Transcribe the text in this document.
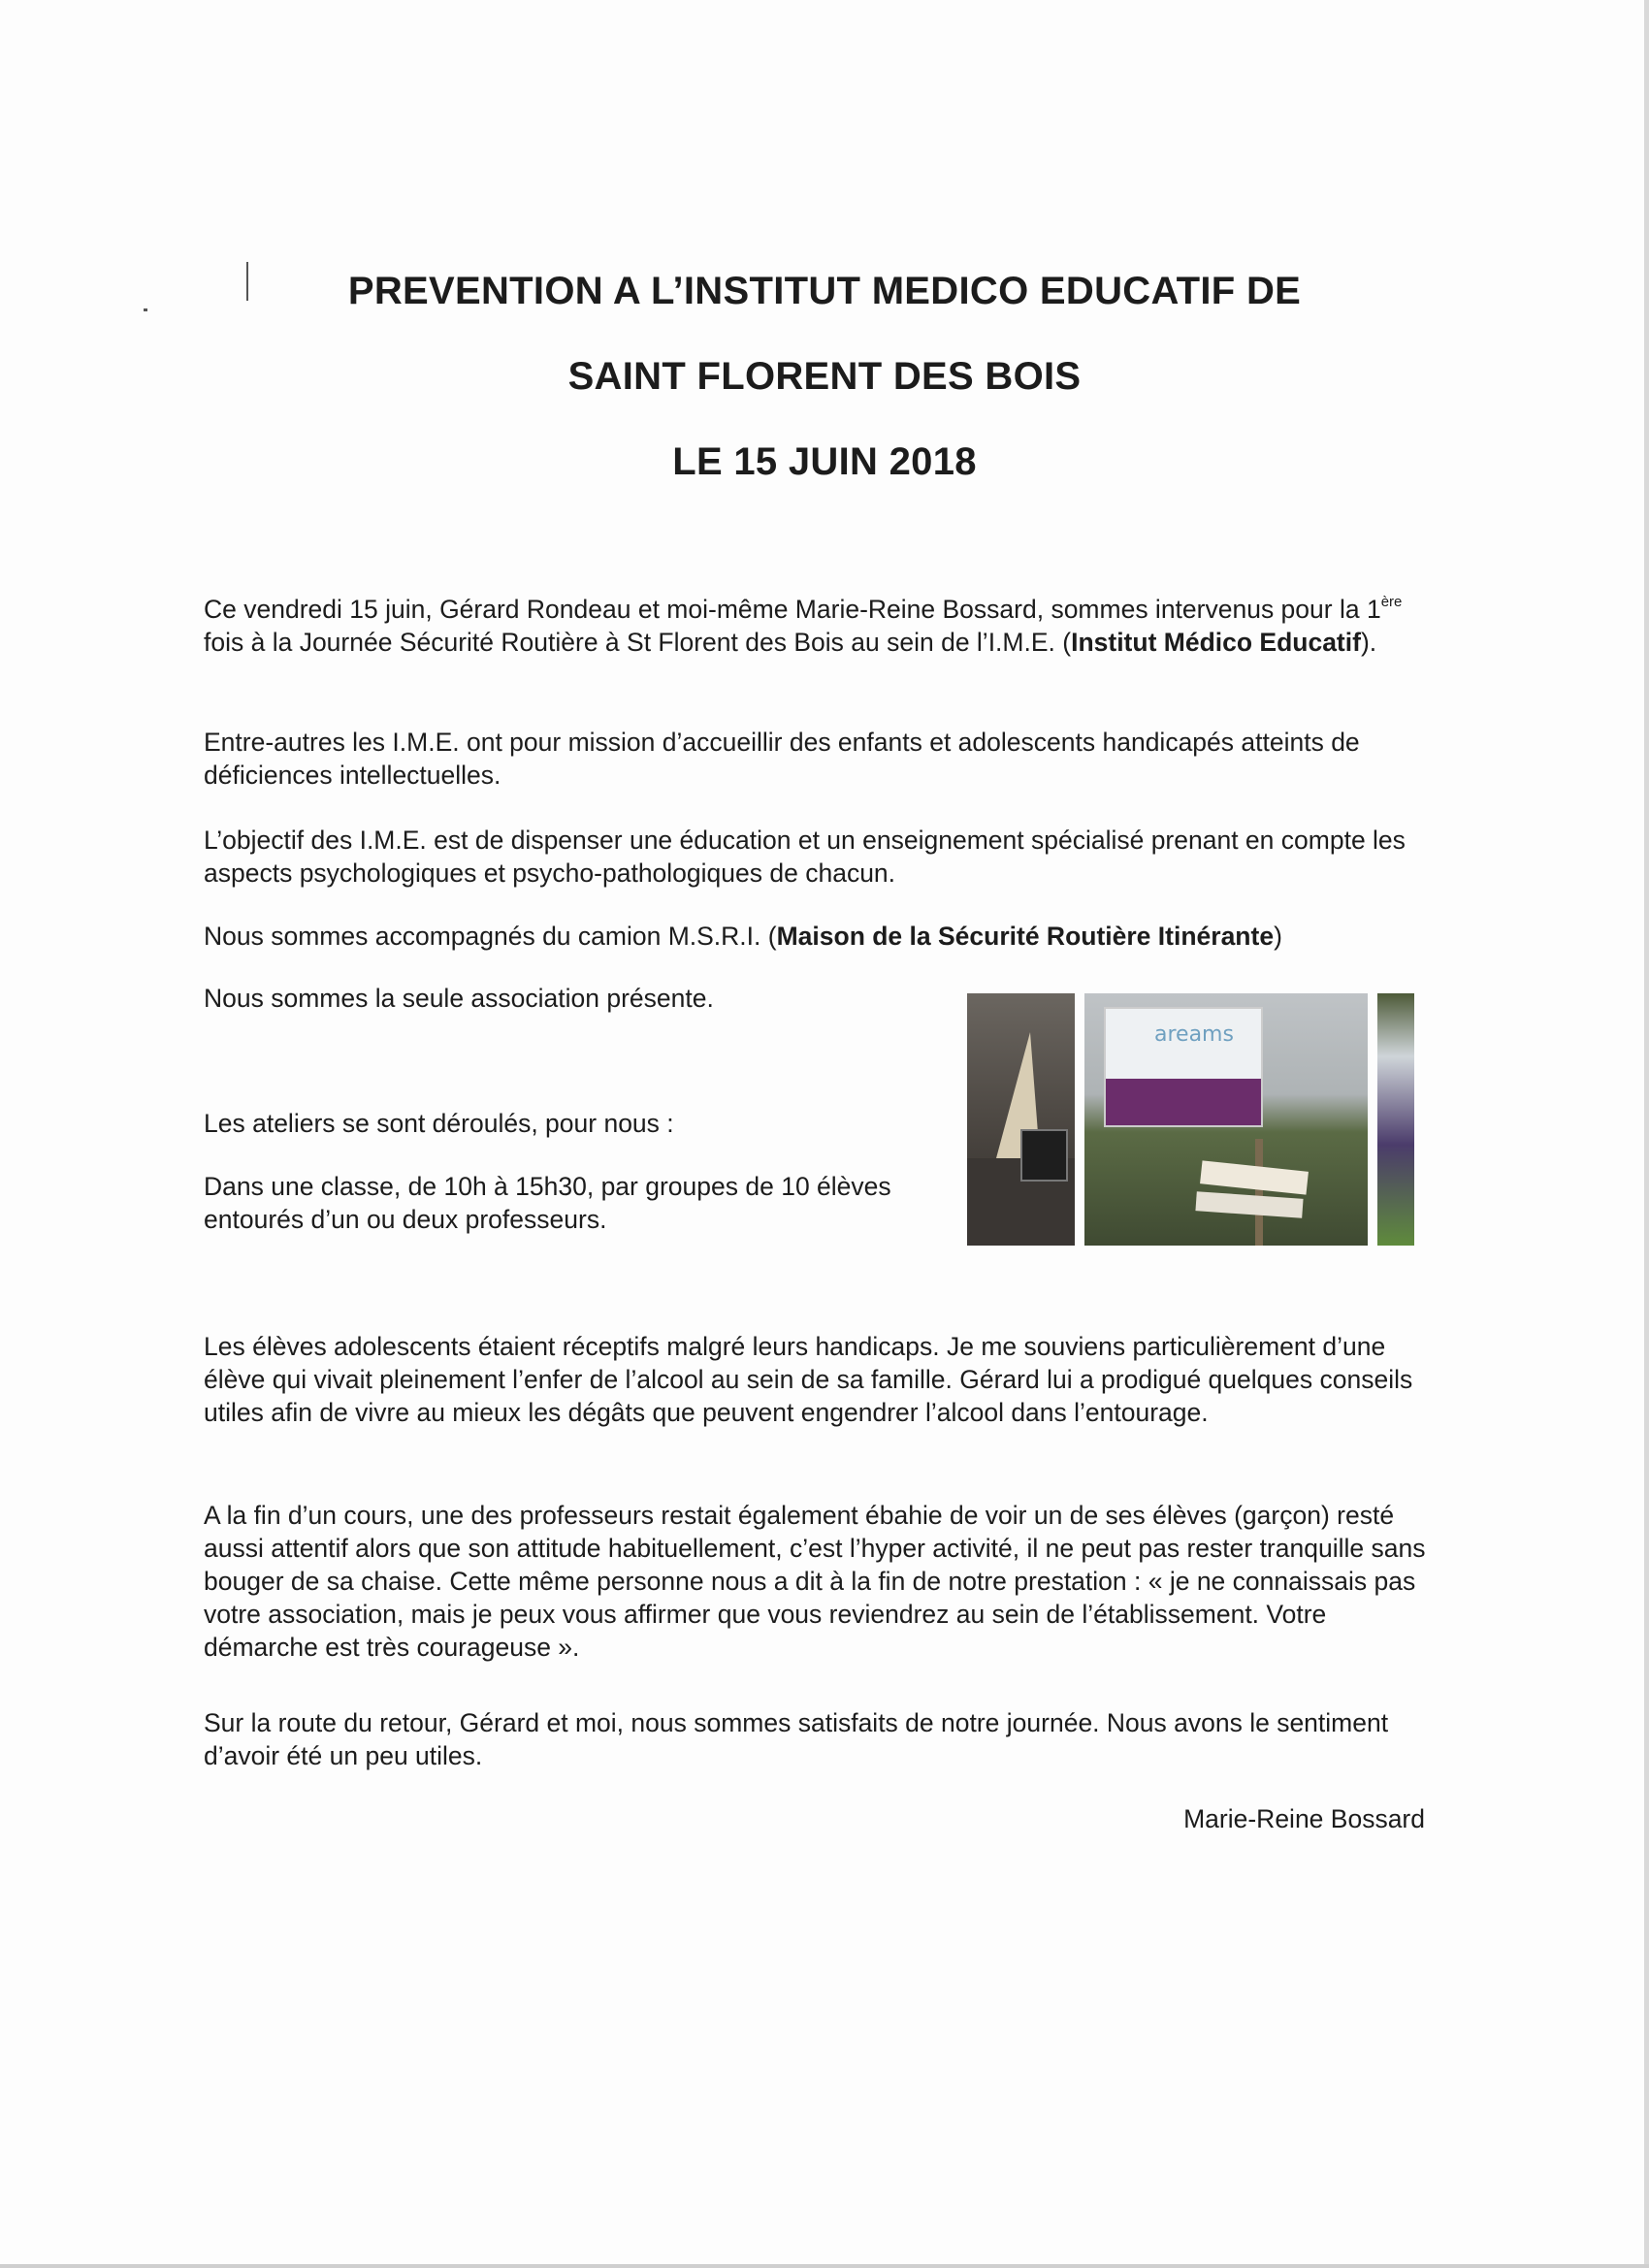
PREVENTION A L’INSTITUT MEDICO EDUCATIF DE
SAINT FLORENT DES BOIS
LE 15 JUIN 2018

Ce vendredi 15 juin, Gérard Rondeau et moi-même Marie-Reine Bossard, sommes intervenus pour la 1ère fois à la Journée Sécurité Routière à St Florent des Bois au sein de l’I.M.E. (Institut Médico Educatif).

Entre-autres les I.M.E. ont pour mission d’accueillir des enfants et adolescents handicapés atteints de déficiences intellectuelles.

L’objectif des I.M.E. est de dispenser une éducation et un enseignement spécialisé prenant en compte les aspects psychologiques et psycho-pathologiques de chacun.

Nous sommes accompagnés du camion M.S.R.I. (Maison de la Sécurité Routière Itinérante)

Nous sommes la seule association présente.

Les ateliers se sont déroulés, pour nous :

Dans une classe, de 10h à 15h30, par groupes de 10 élèves entourés d’un ou deux professeurs.

areams

Les élèves adolescents étaient réceptifs malgré leurs handicaps. Je me souviens particulièrement d’une élève qui vivait pleinement l’enfer de l’alcool au sein de sa famille. Gérard lui a prodigué quelques conseils utiles afin de vivre au mieux les dégâts que peuvent engendrer l’alcool dans l’entourage.

A la fin d’un cours, une des professeurs restait également ébahie de voir un de ses élèves (garçon) resté aussi attentif alors que son attitude habituellement, c’est l’hyper activité, il ne peut pas rester tranquille sans bouger de sa chaise. Cette même personne nous a dit à la fin de notre prestation : « je ne connaissais pas votre association, mais je peux vous affirmer que vous reviendrez au sein de l’établissement. Votre démarche est très courageuse ».

Sur la route du retour, Gérard et moi, nous sommes satisfaits de notre journée. Nous avons le sentiment d’avoir été un peu utiles.

Marie-Reine Bossard
